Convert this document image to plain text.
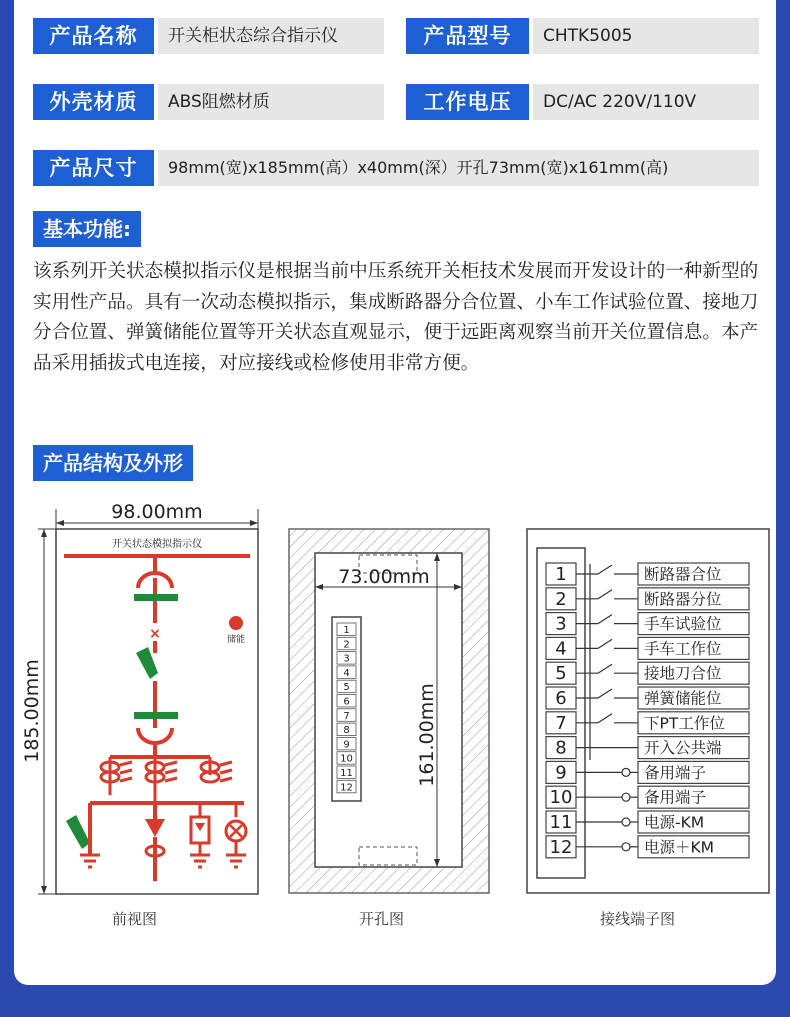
产品名称	开关柜状态综合指示仪	产品型号	CHTK5005
外壳材质	ABS阻燃材质	工作电压	DC/AC 220V/110V
产品尺寸	98mm(宽)x185mm(高）x40mm(深）开孔73mm(宽)x161mm(高)
基本功能:

该系列开关状态模拟指示仪是根据当前中压系统开关柜技术发展而开发设计的一种新型的实用性产品。具有一次动态模拟指示，集成断路器分合位置、小车工作试验位置、接地刀分合位置、弹簧储能位置等开关状态直观显示，便于远距离观察当前开关位置信息。本产品采用插拔式电连接，对应接线或检修使用非常方便。

产品结构及外形
98.00mm
185.00mm
开关状态模拟指示仪
×	储能
前视图
73.00mm
161.00mm
1
2
3
4
5
6
7
8
9
10
11
12
开孔图
1	断路器合位
2	断路器分位
3	手车试验位
4	手车工作位
5	接地刀合位
6	弹簧储能位
7	下PT工作位
8	开入公共端
9	备用端子
10	备用端子
11	电源-KM
12	电源＋KM
接线端子图
